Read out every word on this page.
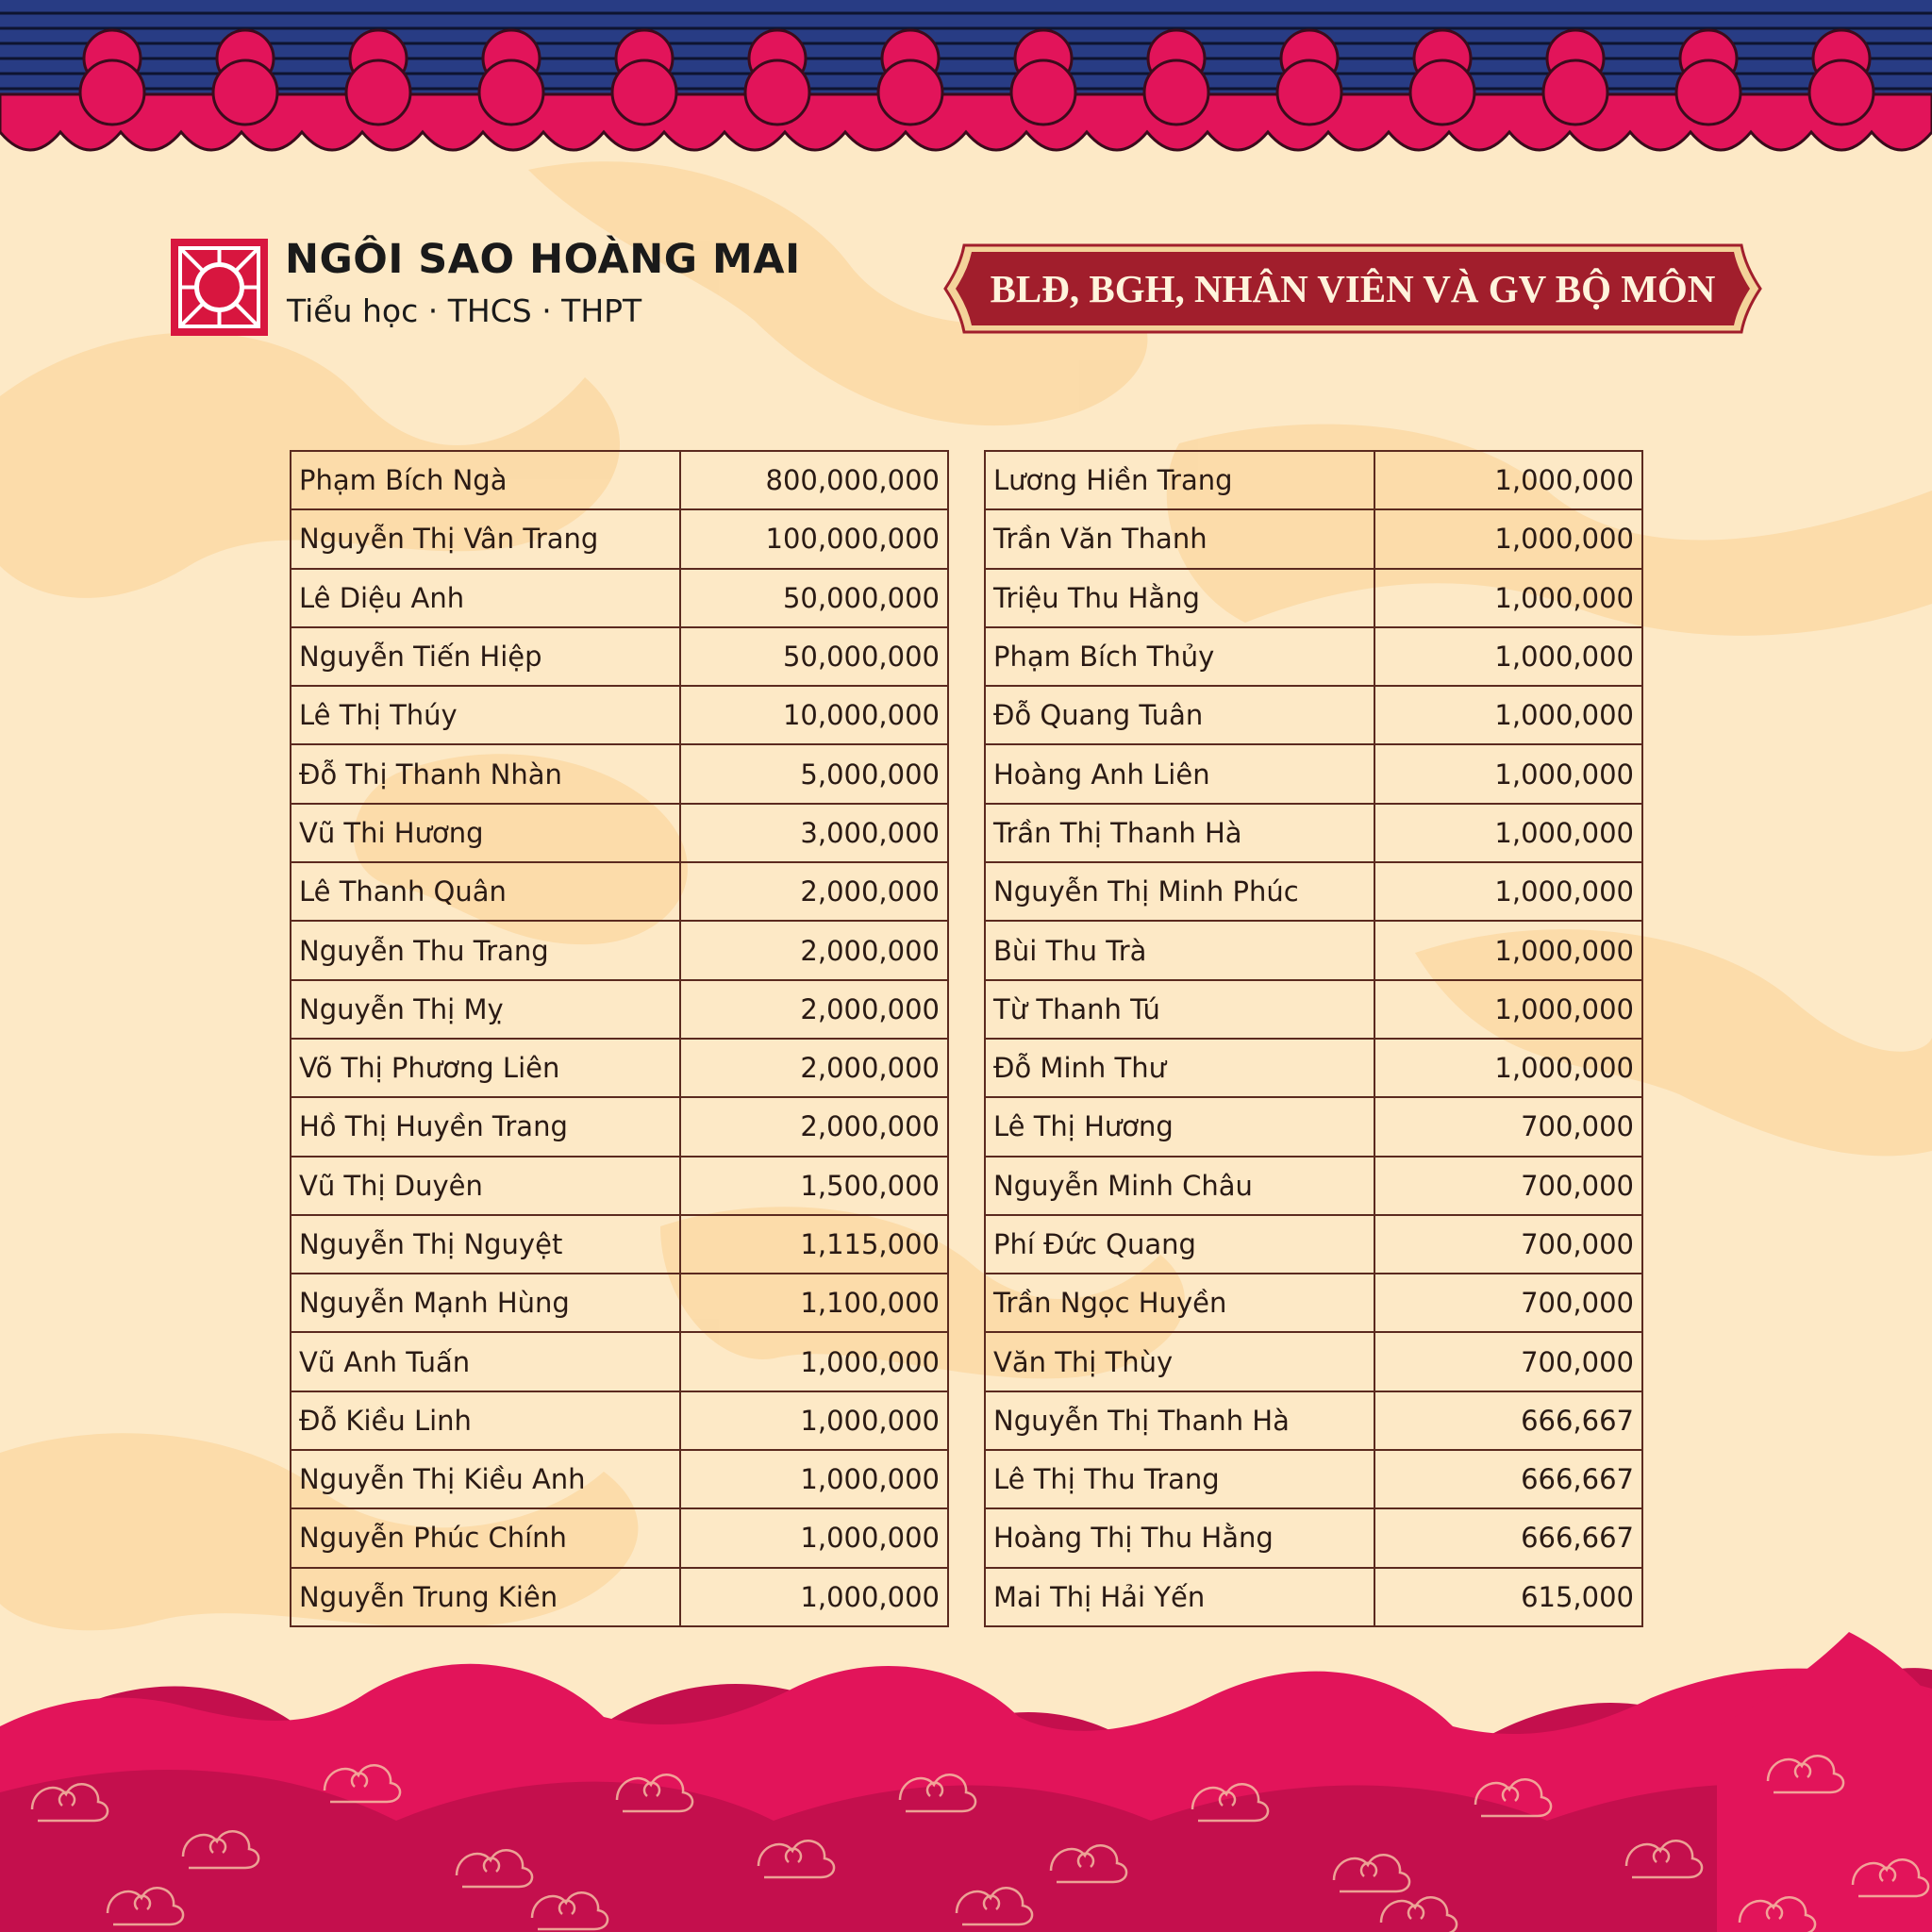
NGÔI SAO HOÀNG MAI
Tiểu học · THCS · THPT
BLĐ, BGH, NHÂN VIÊN VÀ GV BỘ MÔN
Phạm Bích Ngà	800,000,000
Nguyễn Thị Vân Trang	100,000,000
Lê Diệu Anh	50,000,000
Nguyễn Tiến Hiệp	50,000,000
Lê Thị Thúy	10,000,000
Đỗ Thị Thanh Nhàn	5,000,000
Vũ Thi Hương	3,000,000
Lê Thanh Quân	2,000,000
Nguyễn Thu Trang	2,000,000
Nguyễn Thị Mỵ	2,000,000
Võ Thị Phương Liên	2,000,000
Hồ Thị Huyền Trang	2,000,000
Vũ Thị Duyên	1,500,000
Nguyễn Thị Nguyệt	1,115,000
Nguyễn Mạnh Hùng	1,100,000
Vũ Anh Tuấn	1,000,000
Đỗ Kiều Linh	1,000,000
Nguyễn Thị Kiều Anh	1,000,000
Nguyễn Phúc Chính	1,000,000
Nguyễn Trung Kiên	1,000,000
Lương Hiền Trang	1,000,000
Trần Văn Thanh	1,000,000
Triệu Thu Hằng	1,000,000
Phạm Bích Thủy	1,000,000
Đỗ Quang Tuân	1,000,000
Hoàng Anh Liên	1,000,000
Trần Thị Thanh Hà	1,000,000
Nguyễn Thị Minh Phúc	1,000,000
Bùi Thu Trà	1,000,000
Từ Thanh Tú	1,000,000
Đỗ Minh Thư	1,000,000
Lê Thị Hương	700,000
Nguyễn Minh Châu	700,000
Phí Đức Quang	700,000
Trần Ngọc Huyền	700,000
Văn Thị Thùy	700,000
Nguyễn Thị Thanh Hà	666,667
Lê Thị Thu Trang	666,667
Hoàng Thị Thu Hằng	666,667
Mai Thị Hải Yến	615,000
